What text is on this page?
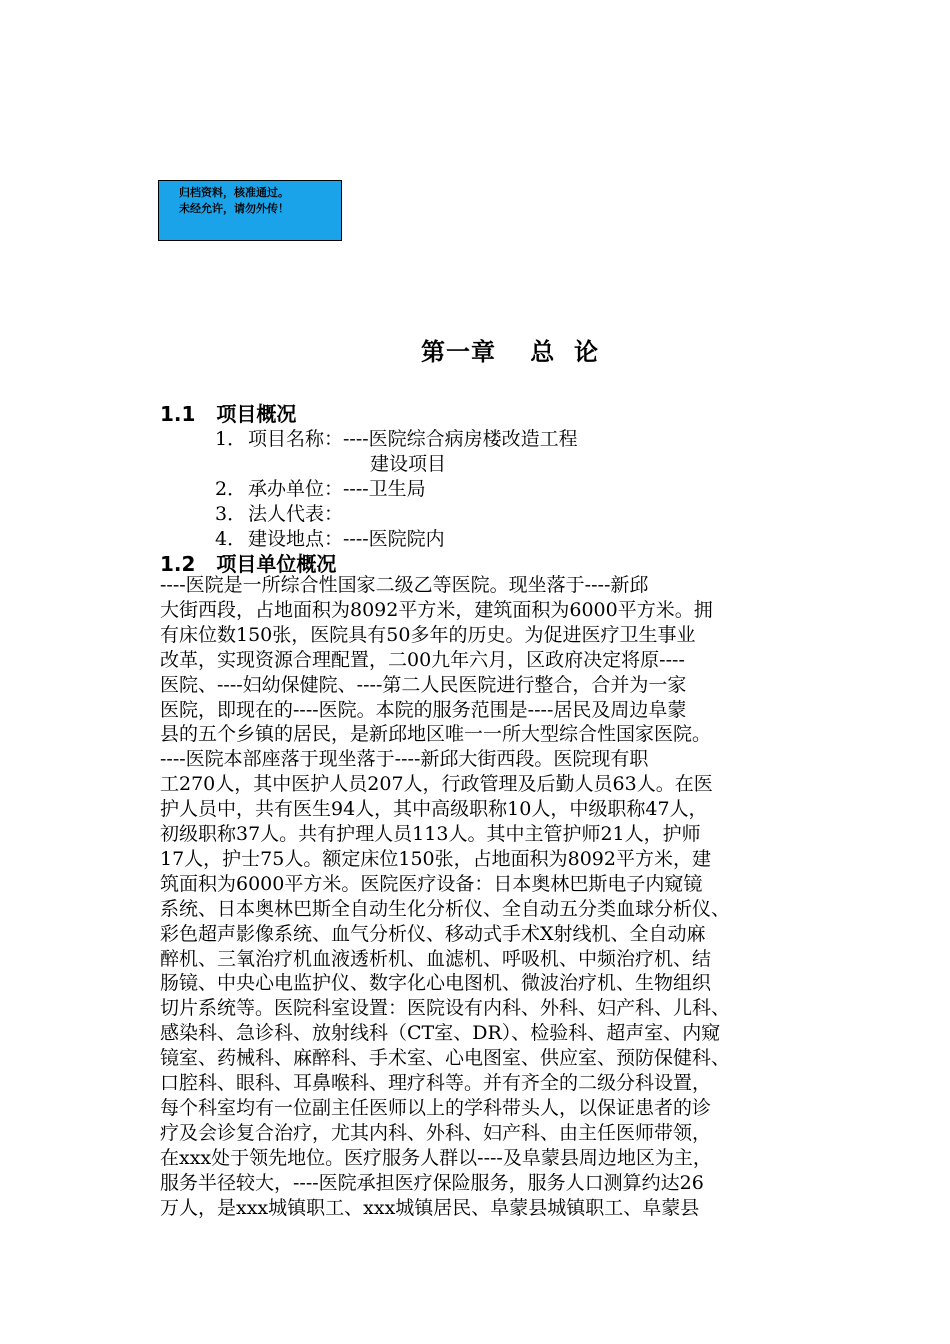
归档资料，核准通过。
未经允许，请勿外传！
第一章　 总  论
1.1   项目概况
1． 项目名称：----医院综合病房楼改造工程
建设项目
2． 承办单位：----卫生局
3． 法人代表：
4． 建设地点：----医院院内
1.2   项目单位概况
----医院是一所综合性国家二级乙等医院。现坐落于----新邱
大街西段，占地面积为8092平方米，建筑面积为6000平方米。拥
有床位数150张，医院具有50多年的历史。为促进医疗卫生事业
改革，实现资源合理配置，二00九年六月，区政府决定将原----
医院、----妇幼保健院、----第二人民医院进行整合，合并为一家
医院，即现在的----医院。本院的服务范围是----居民及周边阜蒙
县的五个乡镇的居民，是新邱地区唯一一所大型综合性国家医院。
----医院本部座落于现坐落于----新邱大街西段。医院现有职
工270人，其中医护人员207人，行政管理及后勤人员63人。在医
护人员中，共有医生94人，其中高级职称10人，中级职称47人，
初级职称37人。共有护理人员113人。其中主管护师21人，护师
17人，护士75人。额定床位150张，占地面积为8092平方米，建
筑面积为6000平方米。医院医疗设备：日本奥林巴斯电子内窥镜
系统、日本奥林巴斯全自动生化分析仪、全自动五分类血球分析仪、
彩色超声影像系统、血气分析仪、移动式手术X射线机、全自动麻
醉机、三氧治疗机血液透析机、血滤机、呼吸机、中频治疗机、结
肠镜、中央心电监护仪、数字化心电图机、微波治疗机、生物组织
切片系统等。医院科室设置：医院设有内科、外科、妇产科、儿科、
感染科、急诊科、放射线科（CT室、DR）、检验科、超声室、内窥
镜室、药械科、麻醉科、手术室、心电图室、供应室、预防保健科、
口腔科、眼科、耳鼻喉科、理疗科等。并有齐全的二级分科设置，
每个科室均有一位副主任医师以上的学科带头人，以保证患者的诊
疗及会诊复合治疗，尤其内科、外科、妇产科、由主任医师带领，
在xxx处于领先地位。医疗服务人群以----及阜蒙县周边地区为主，
服务半径较大，----医院承担医疗保险服务，服务人口测算约达26
万人，是xxx城镇职工、xxx城镇居民、阜蒙县城镇职工、阜蒙县
